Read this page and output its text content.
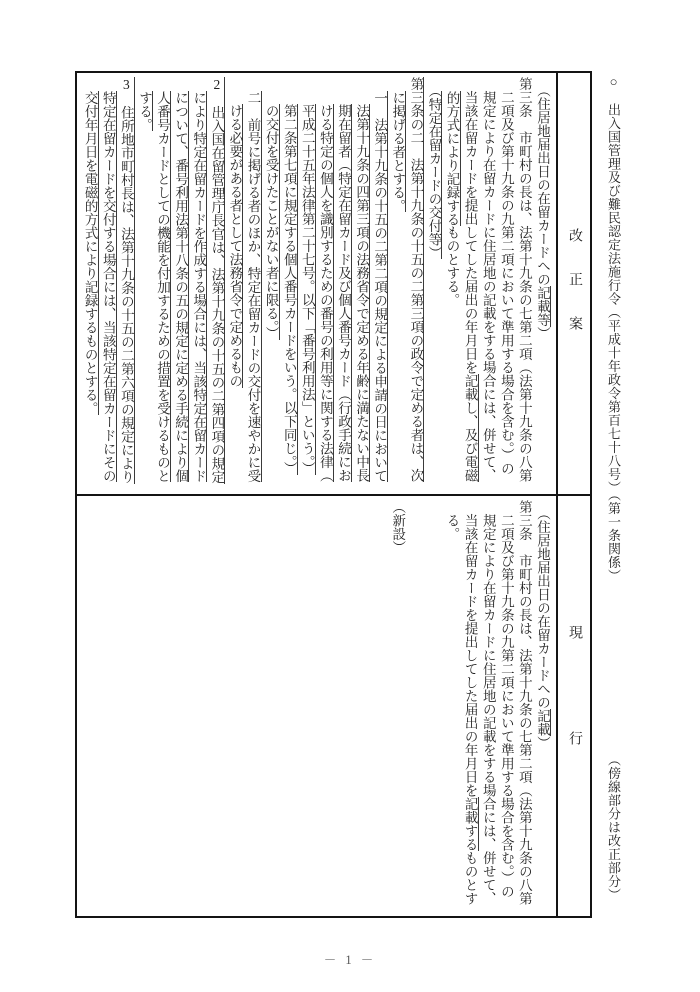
○　出入国管理及び難民認定法施行令（平成十年政令第百七十八号）（第一条関係）
（傍線部分は改正部分）
改正案
現行
　（住居地届出日の在留カードへの記載等）
第三条　市町村の長は、法第十九条の七第二項（法第十九条の八第
　二項及び第十九条の九第二項において準用する場合を含む。）の
　規定により在留カードに住居地の記載をする場合には、併せて、
　当該在留カードを提出してした届出の年月日を記載し、及び電磁
　的方式により記録するものとする。
　（特定在留カードの交付等）
第三条の二　法第十九条の十五の二第三項の政令で定める者は、次
　に掲げる者とする。
　一　法第十九条の十五の二第二項の規定による申請の日において
　　法第十九条の四第三項の法務省令で定める年齢に満たない中長
　　期在留者（特定在留カード及び個人番号カード（行政手続にお
　　ける特定の個人を識別するための番号の利用等に関する法律（
　　平成二十五年法律第二十七号。以下「番号利用法」という。）
　　第二条第七項に規定する個人番号カードをいう。以下同じ。）
　　の交付を受けたことがない者に限る。）
　二　前号に掲げる者のほか、特定在留カードの交付を速やかに受
　　ける必要がある者として法務省令で定めるもの
2　出入国在留管理庁長官は、法第十九条の十五の二第四項の規定
　により特定在留カードを作成する場合には、当該特定在留カード
　について、番号利用法第十八条の五の規定に定める手続により個
　人番号カードとしての機能を付加するための措置を受けるものと
　する。
3　住所地市町村長は、法第十九条の十五の二第六項の規定により
　特定在留カードを交付する場合には、当該特定在留カードにその
　交付年月日を電磁的方式により記録するものとする。
　（住居地届出日の在留カードへの記載）
第三条　市町村の長は、法第十九条の七第二項（法第十九条の八第
　二項及び第十九条の九第二項において準用する場合を含む。）の
　規定により在留カードに住居地の記載をする場合には、併せて、
　当該在留カードを提出してした届出の年月日を記載するものとす
　る。

（新設）
－ 1 －
